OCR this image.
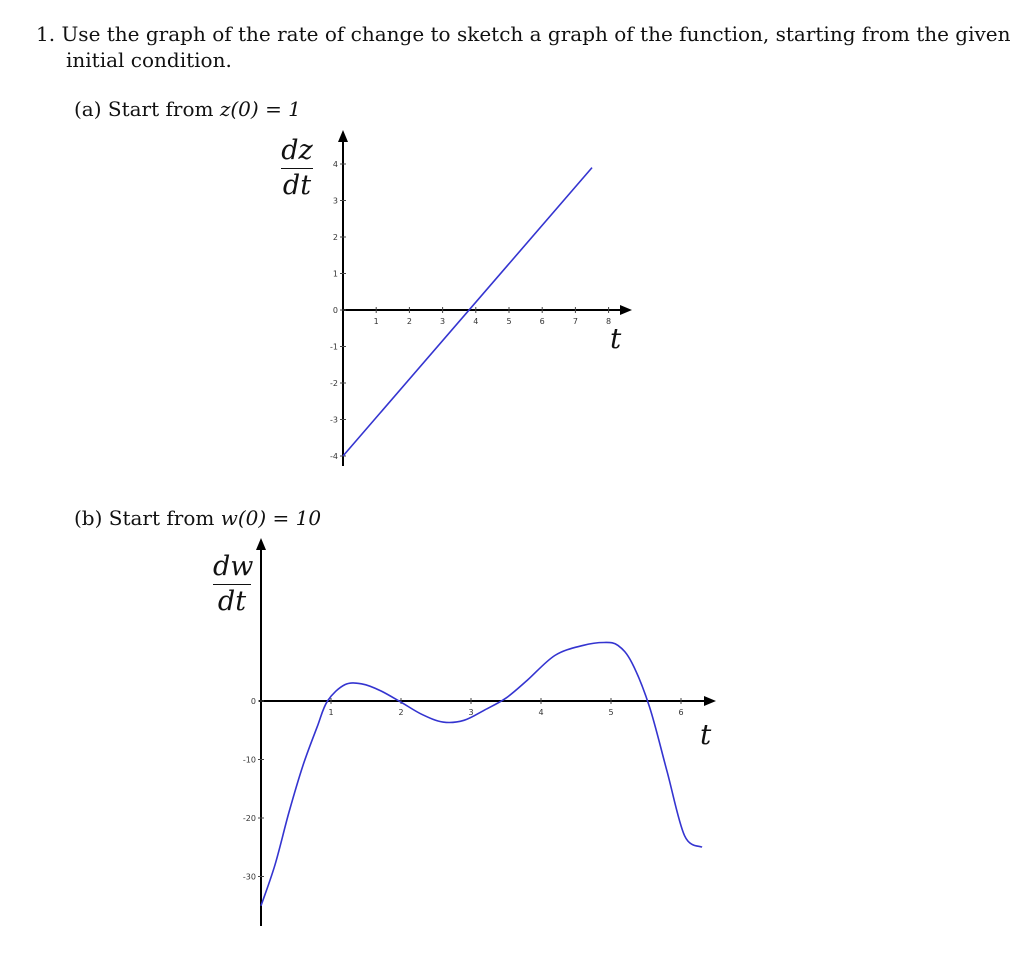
1. Use the graph of the rate of change to sketch a graph of the function, starting from the given
initial condition.
(a) Start from z(0) = 1
dz
dt
t
(b) Start from w(0) = 10
dw
dt
t
1	2	3	4	5	6	7	8
4
3
2
1
0
-1
-2
-3
-4
1	2	3	4	5	6
0
-10
-20
-30
